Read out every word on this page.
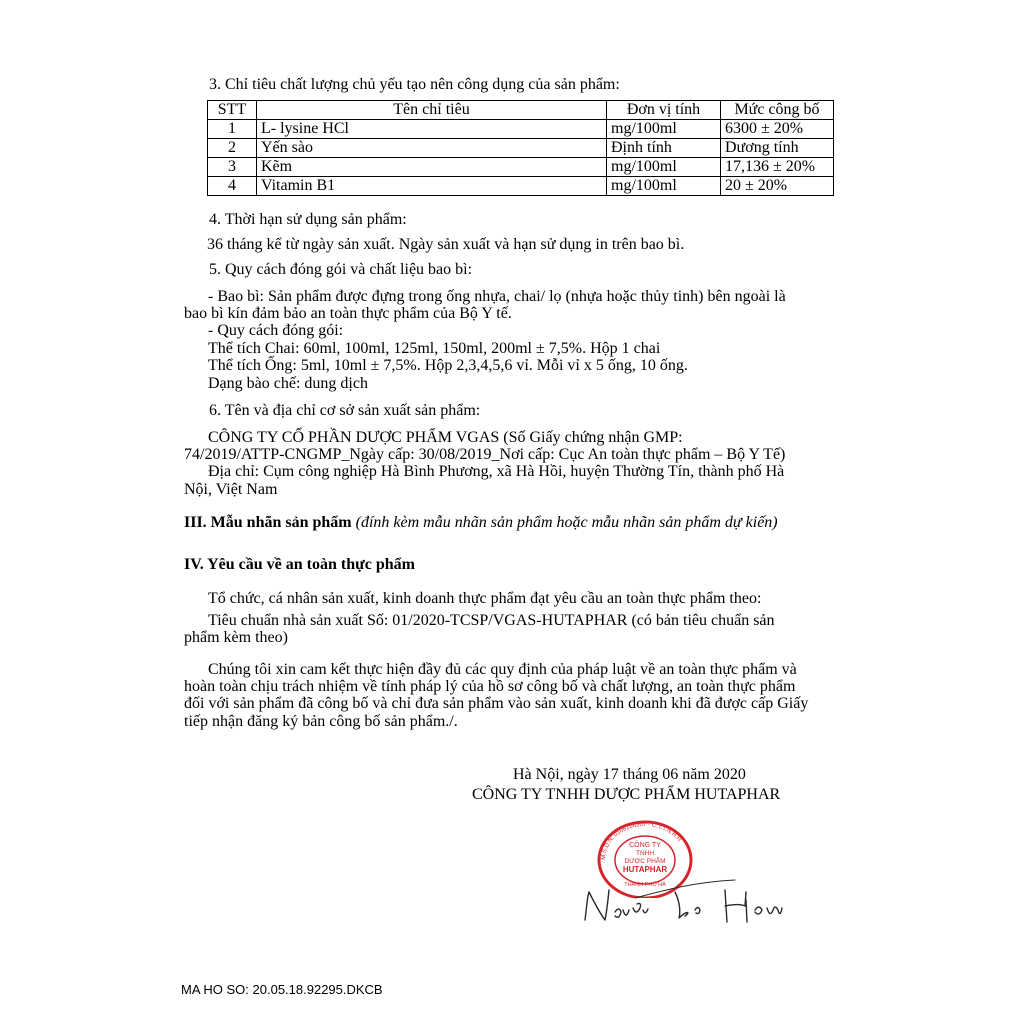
3. Chỉ tiêu chất lượng chủ yếu tạo nên công dụng của sản phẩm:
STT	Tên chỉ tiêu	Đơn vị tính	Mức công bố
1	L- lysine HCl	mg/100ml	6300 ± 20%
2	Yến sào	Định tính	Dương tính
3	Kẽm	mg/100ml	17,136 ± 20%
4	Vitamin B1	mg/100ml	20 ± 20%
4. Thời hạn sử dụng sản phẩm:
36 tháng kể từ ngày sản xuất. Ngày sản xuất và hạn sử dụng in trên bao bì.
5. Quy cách đóng gói và chất liệu bao bì:
- Bao bì: Sản phẩm được đựng trong ống nhựa, chai/ lọ (nhựa hoặc thủy tinh) bên ngoài là
bao bì kín đảm bảo an toàn thực phẩm của Bộ Y tế.
- Quy cách đóng gói:
Thể tích Chai: 60ml, 100ml, 125ml, 150ml, 200ml ± 7,5%. Hộp 1 chai
Thể tích Ống: 5ml, 10ml ± 7,5%. Hộp 2,3,4,5,6 vỉ. Mỗi vỉ x 5 ống, 10 ống.
Dạng bào chế: dung dịch
6. Tên và địa chỉ cơ sở sản xuất sản phẩm:
CÔNG TY CỔ PHẦN DƯỢC PHẨM VGAS (Số Giấy chứng nhận GMP:
74/2019/ATTP-CNGMP_Ngày cấp: 30/08/2019_Nơi cấp: Cục An toàn thực phẩm – Bộ Y Tế)
Địa chỉ: Cụm công nghiệp Hà Bình Phương, xã Hà Hồi, huyện Thường Tín, thành phố Hà
Nội, Việt Nam
III. Mẫu nhãn sản phẩm (đính kèm mẫu nhãn sản phẩm hoặc mẫu nhãn sản phẩm dự kiến)
IV. Yêu cầu về an toàn thực phẩm
Tổ chức, cá nhân sản xuất, kinh doanh thực phẩm đạt yêu cầu an toàn thực phẩm theo:
Tiêu chuẩn nhà sản xuất Số: 01/2020-TCSP/VGAS-HUTAPHAR (có bản tiêu chuẩn sản
phẩm kèm theo)
Chúng tôi xin cam kết thực hiện đầy đủ các quy định của pháp luật về an toàn thực phẩm và
hoàn toàn chịu trách nhiệm về tính pháp lý của hồ sơ công bố và chất lượng, an toàn thực phẩm
đối với sản phẩm đã công bố và chỉ đưa sản phẩm vào sản xuất, kinh doanh khi đã được cấp Giấy
tiếp nhận đăng ký bản công bố sản phẩm./.
Hà Nội, ngày 17 tháng 06 năm 2020
CÔNG TY TNHH DƯỢC PHẨM HUTAPHAR
M.S.D.N: 0108166307 - C.T.T.N.H.H
CÔNG TY
TNHH
DƯỢC PHẨM
HUTAPHAR
THÀNH PHỐ HÀ
MA HO SO: 20.05.18.92295.DKCB
